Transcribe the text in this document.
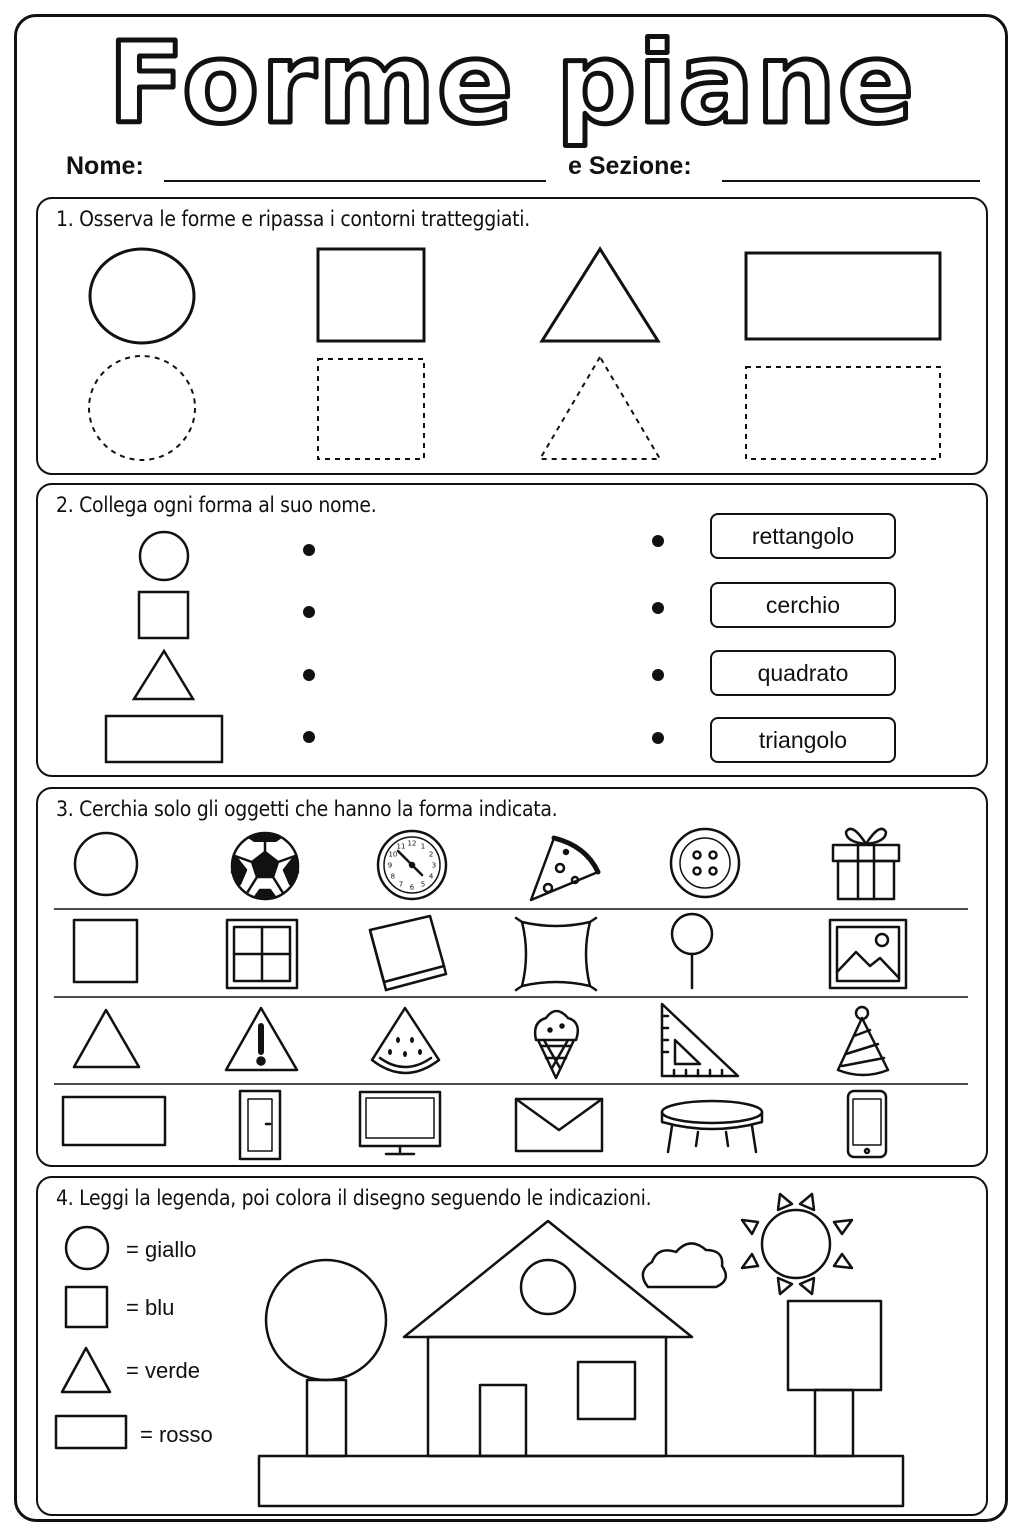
Forme piane
Nome:	e Sezione:
1. Osserva le forme e ripassa i contorni tratteggiati.
2. Collega ogni forma al suo nome.
rettangolo
cerchio
quadrato
triangolo
3. Cerchia solo gli oggetti che hanno la forma indicata.
12 1
2
3
4
5
6
7
8
9
10
11
4. Leggi la legenda, poi colora il disegno seguendo le indicazioni.
= giallo
= blu
= verde
= rosso
